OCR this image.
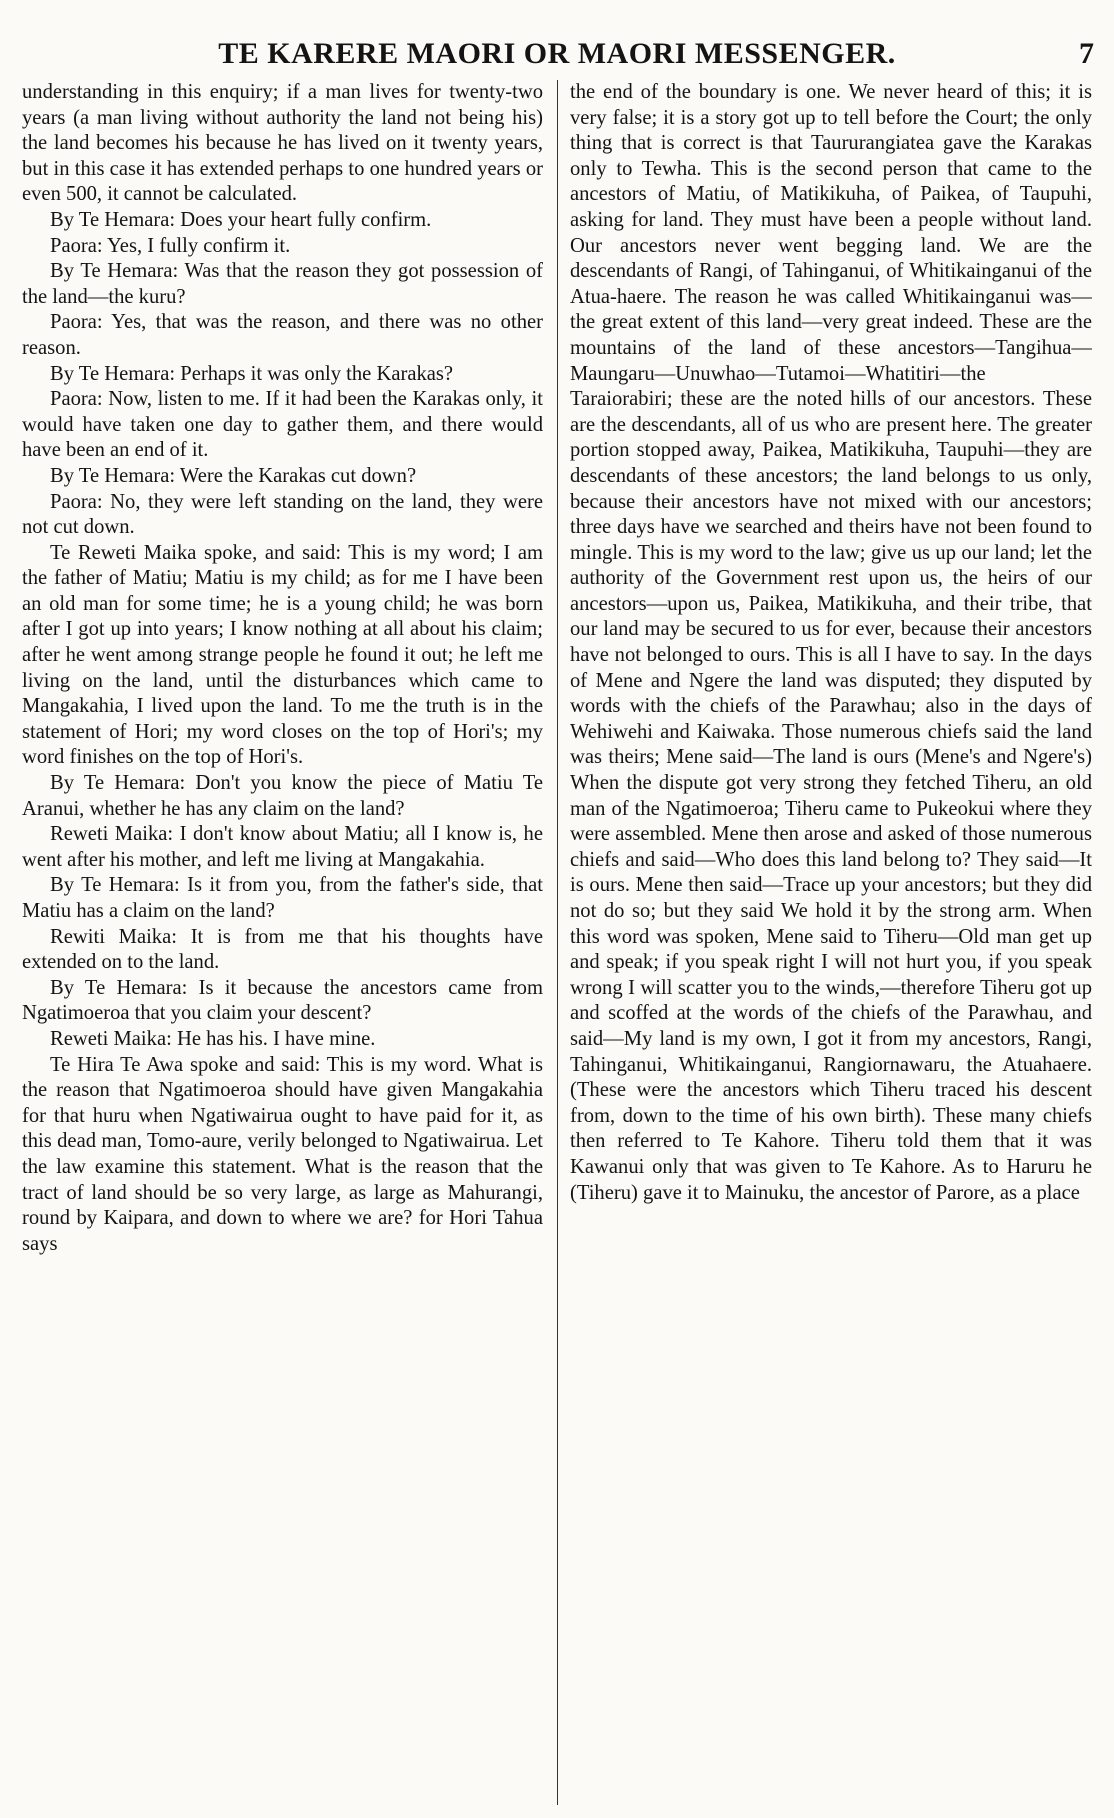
TE KARERE MAORI OR MAORI MESSENGER.	7

understanding in this enquiry; if a man lives for twenty-two years (a man living without authority the land not being his) the land becomes his because he has lived on it twenty years, but in this case it has extended perhaps to one hundred years or even 500, it cannot be calculated.

By Te Hemara: Does your heart fully confirm.

Paora: Yes, I fully confirm it.

By Te Hemara: Was that the reason they got possession of the land—the kuru?

Paora: Yes, that was the reason, and there was no other reason.

By Te Hemara: Perhaps it was only the Karakas?

Paora: Now, listen to me. If it had been the Karakas only, it would have taken one day to gather them, and there would have been an end of it.

By Te Hemara: Were the Karakas cut down?

Paora: No, they were left standing on the land, they were not cut down.

Te Reweti Maika spoke, and said: This is my word; I am the father of Matiu; Matiu is my child; as for me I have been an old man for some time; he is a young child; he was born after I got up into years; I know nothing at all about his claim; after he went among strange people he found it out; he left me living on the land, until the disturbances which came to Mangakahia, I lived upon the land. To me the truth is in the statement of Hori; my word closes on the top of Hori's; my word finishes on the top of Hori's.

By Te Hemara: Don't you know the piece of Matiu Te Aranui, whether he has any claim on the land?

Reweti Maika: I don't know about Matiu; all I know is, he went after his mother, and left me living at Mangakahia.

By Te Hemara: Is it from you, from the father's side, that Matiu has a claim on the land?

Rewiti Maika: It is from me that his thoughts have extended on to the land.

By Te Hemara: Is it because the ancestors came from Ngatimoeroa that you claim your descent?

Reweti Maika: He has his. I have mine.

Te Hira Te Awa spoke and said: This is my word. What is the reason that Ngatimoeroa should have given Mangakahia for that huru when Ngatiwairua ought to have paid for it, as this dead man, Tomo-aure, verily belonged to Ngatiwairua. Let the law examine this statement. What is the reason that the tract of land should be so very large, as large as Mahurangi, round by Kaipara, and down to where we are? for Hori Tahua says

the end of the boundary is one. We never heard of this; it is very false; it is a story got up to tell before the Court; the only thing that is correct is that Taururangiatea gave the Karakas only to Tewha. This is the second person that came to the ancestors of Matiu, of Matikikuha, of Paikea, of Taupuhi, asking for land. They must have been a people without land. Our ancestors never went begging land. We are the descendants of Rangi, of Tahinganui, of Whitikainganui of the Atua-haere. The reason he was called Whitikainganui was—the great extent of this land—very great indeed. These are the mountains of the land of these ancestors—Tangihua—Maungaru—Unuwhao—Tutamoi—Whatitiri—the Taraiorabiri; these are the noted hills of our ancestors. These are the descendants, all of us who are present here. The greater portion stopped away, Paikea, Matikikuha, Taupuhi—they are descendants of these ancestors; the land belongs to us only, because their ancestors have not mixed with our ancestors; three days have we searched and theirs have not been found to mingle. This is my word to the law; give us up our land; let the authority of the Government rest upon us, the heirs of our ancestors—upon us, Paikea, Matikikuha, and their tribe, that our land may be secured to us for ever, because their ancestors have not belonged to ours. This is all I have to say. In the days of Mene and Ngere the land was disputed; they disputed by words with the chiefs of the Parawhau; also in the days of Wehiwehi and Kaiwaka. Those numerous chiefs said the land was theirs; Mene said—The land is ours (Mene's and Ngere's) When the dispute got very strong they fetched Tiheru, an old man of the Ngatimoeroa; Tiheru came to Pukeokui where they were assembled. Mene then arose and asked of those numerous chiefs and said—Who does this land belong to? They said—It is ours. Mene then said—Trace up your ancestors; but they did not do so; but they said We hold it by the strong arm. When this word was spoken, Mene said to Tiheru—Old man get up and speak; if you speak right I will not hurt you, if you speak wrong I will scatter you to the winds,—therefore Tiheru got up and scoffed at the words of the chiefs of the Parawhau, and said—My land is my own, I got it from my ancestors, Rangi, Tahinganui, Whitikainganui, Rangiornawaru, the Atuahaere. (These were the ancestors which Tiheru traced his descent from, down to the time of his own birth). These many chiefs then referred to Te Kahore. Tiheru told them that it was Kawanui only that was given to Te Kahore. As to Haruru he (Tiheru) gave it to Mainuku, the ancestor of Parore, as a place
